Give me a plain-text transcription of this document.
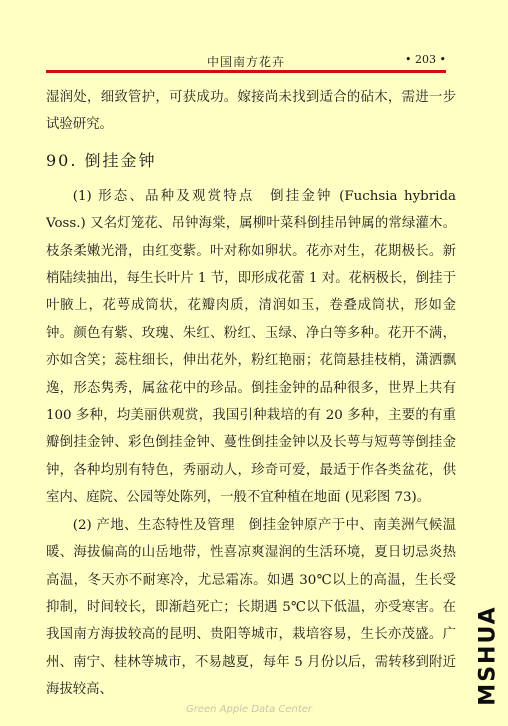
中国南方花卉	• 203 •

湿润处，细致管护，可获成功。嫁接尚未找到适合的砧木，需进一步试验研究。

90. 倒挂金钟

(1) 形态、品种及观赏特点　倒挂金钟 (Fuchsia hybrida Voss.) 又名灯笼花、吊钟海棠，属柳叶菜科倒挂吊钟属的常绿灌木。枝条柔嫩光滑，由红变紫。叶对称如卵状。花亦对生，花期极长。新梢陆续抽出，每生长叶片 1 节，即形成花蕾 1 对。花柄极长，倒挂于叶腋上，花萼成筒状，花瓣肉质，清润如玉，卷叠成筒状，形如金钟。颜色有紫、玫瑰、朱红、粉红、玉绿、净白等多种。花开不满，亦如含笑；蕊柱细长，伸出花外，粉红艳丽；花筒悬挂枝梢，潇洒飘逸，形态隽秀，属盆花中的珍品。倒挂金钟的品种很多，世界上共有 100 多种，均美丽供观赏，我国引种栽培的有 20 多种，主要的有重瓣倒挂金钟、彩色倒挂金钟、蔓性倒挂金钟以及长萼与短萼等倒挂金钟，各种均别有特色，秀丽动人，珍奇可爱，最适于作各类盆花，供室内、庭院、公园等处陈列，一般不宜种植在地面 (见彩图 73)。

(2) 产地、生态特性及管理　倒挂金钟原产于中、南美洲气候温暖、海拔偏高的山岳地带，性喜凉爽湿润的生活环境，夏日切忌炎热高温，冬天亦不耐寒冷，尤忌霜冻。如遇 30℃以上的高温，生长受抑制，时间较长，即渐趋死亡；长期遇 5℃以下低温，亦受寒害。在我国南方海拔较高的昆明、贵阳等城市，栽培容易，生长亦茂盛。广州、南宁、桂林等城市，不易越夏，每年 5 月份以后，需转移到附近海拔较高、

Green Apple Data Center
MSHUA
